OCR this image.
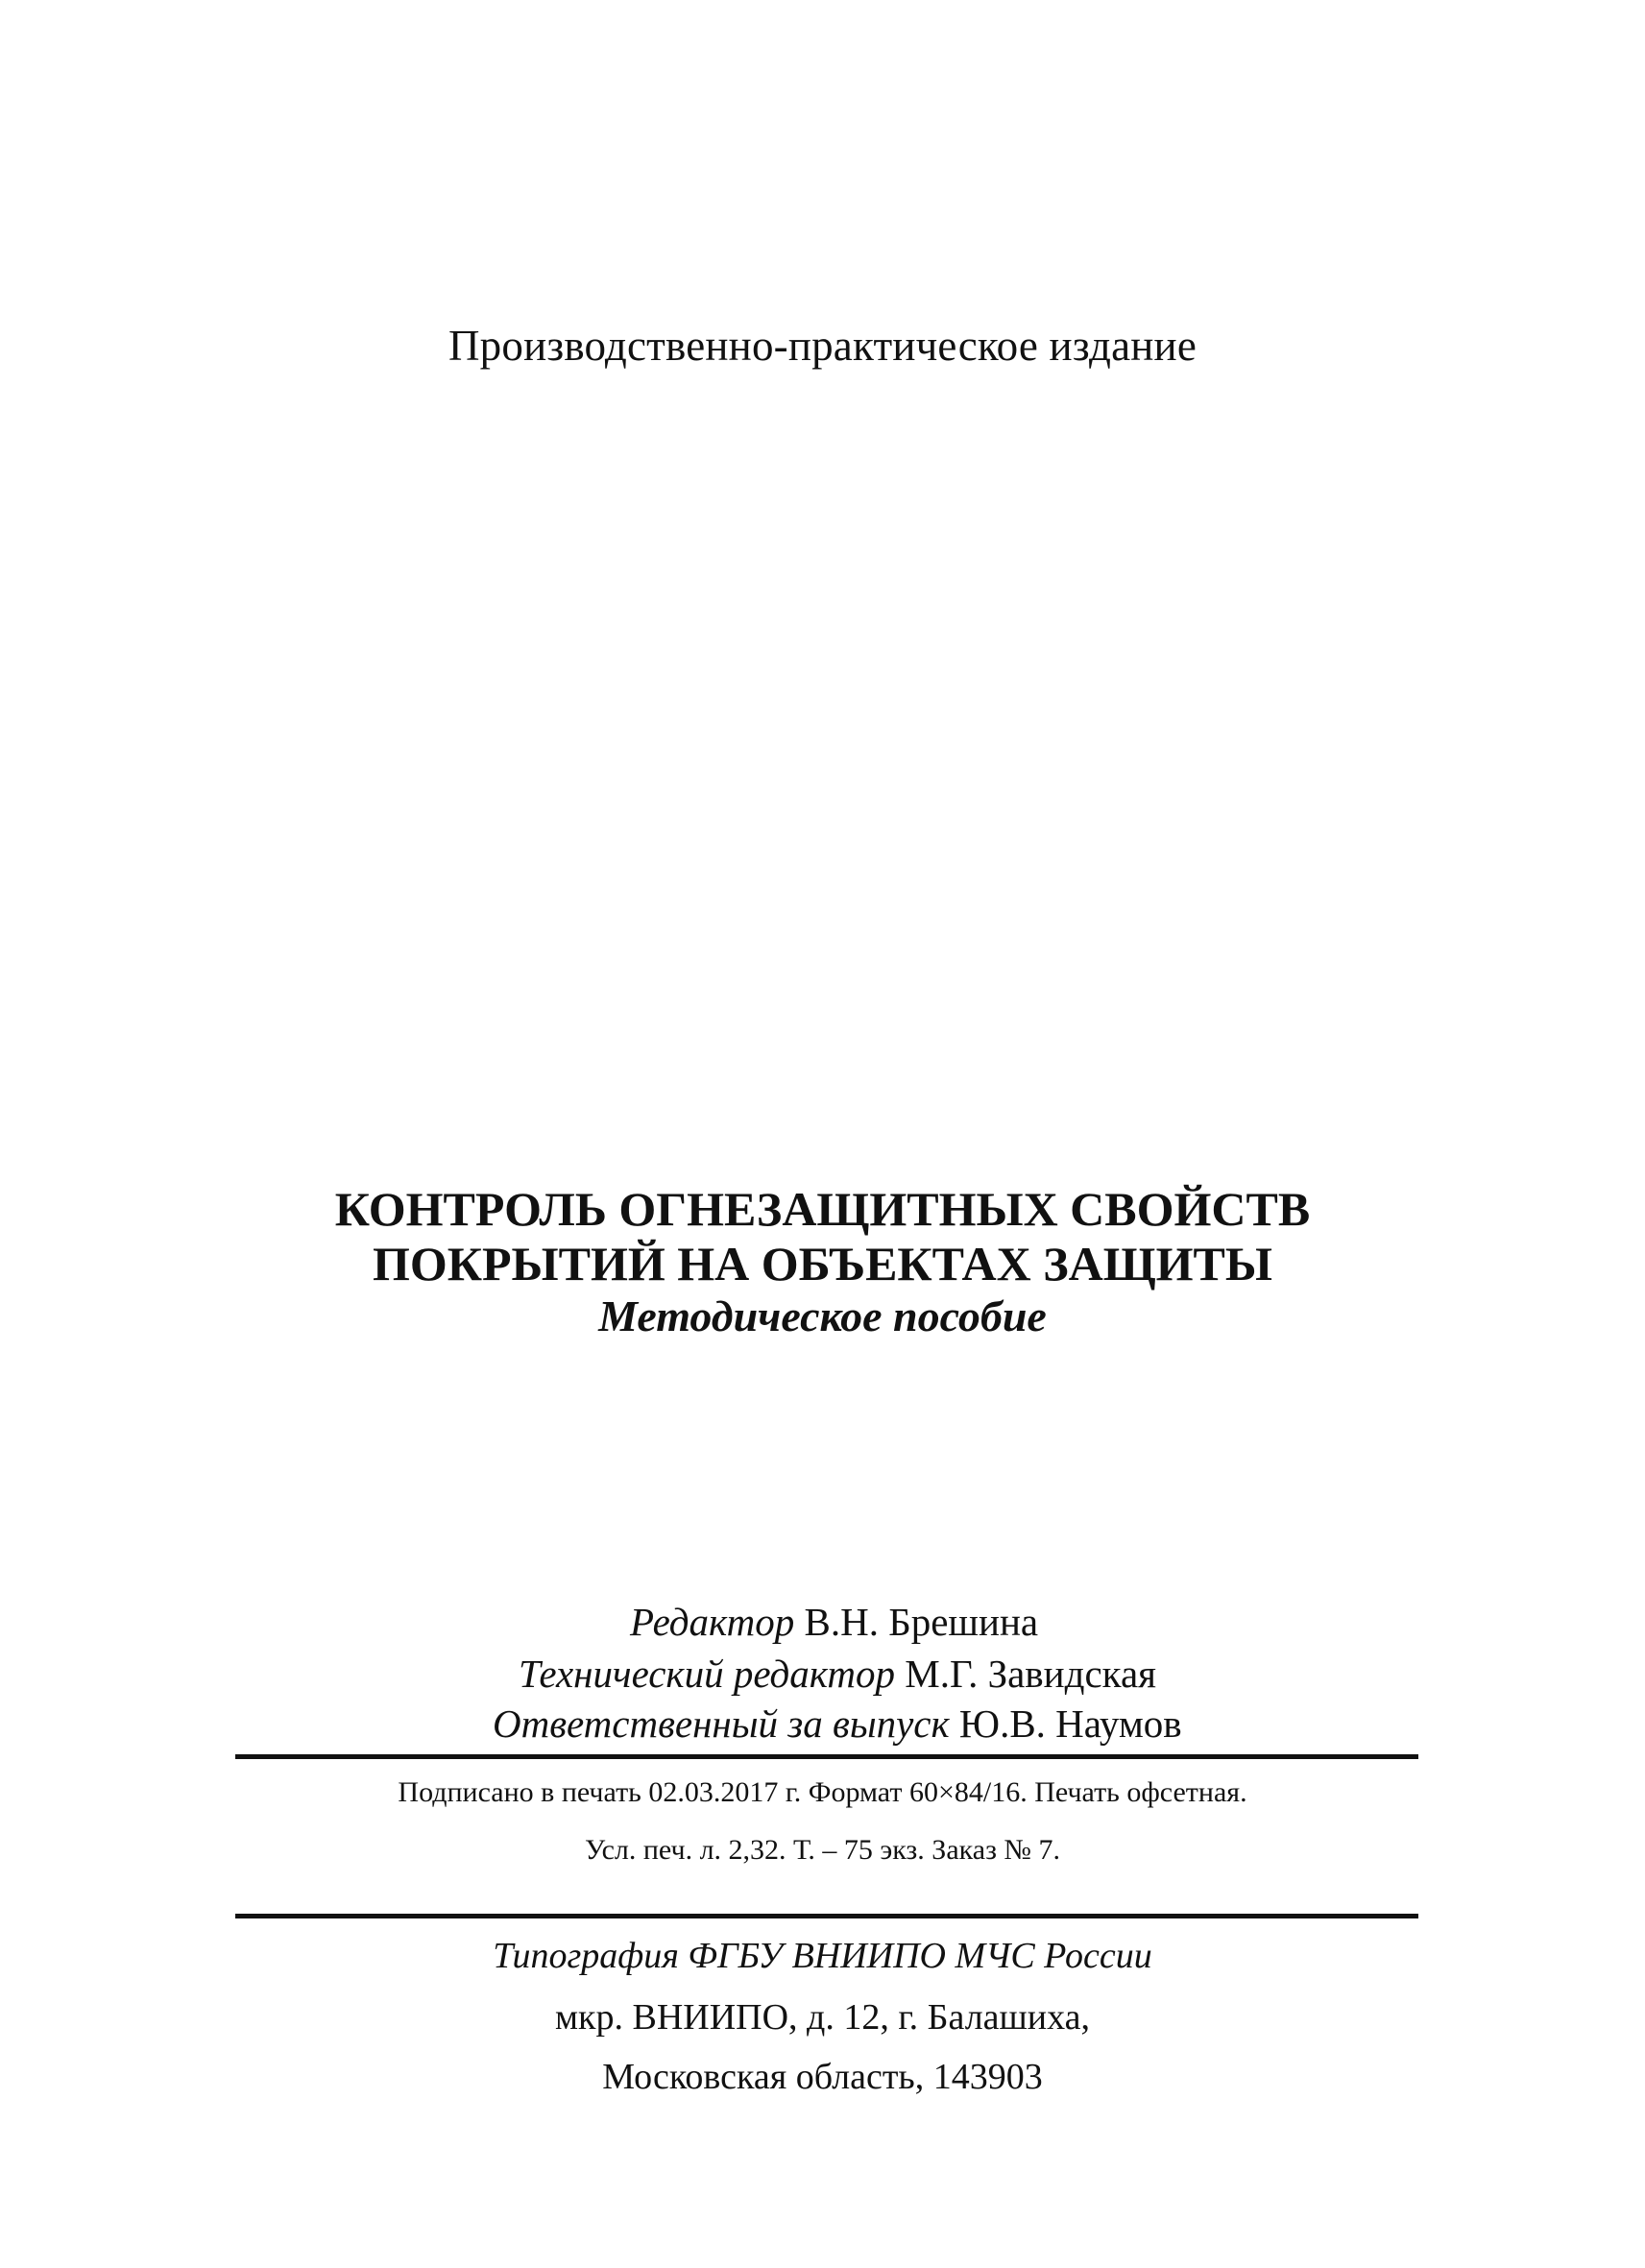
Производственно-практическое издание
КОНТРОЛЬ ОГНЕЗАЩИТНЫХ СВОЙСТВ
ПОКРЫТИЙ НА ОБЪЕКТАХ ЗАЩИТЫ
Методическое пособие
Редактор В.Н. Брешина
Технический редактор М.Г. Завидская
Ответственный за выпуск Ю.В. Наумов
Подписано в печать 02.03.2017 г. Формат 60×84/16. Печать офсетная.
Усл. печ. л. 2,32. Т. – 75 экз. Заказ № 7.
Типография ФГБУ ВНИИПО МЧС России
мкр. ВНИИПО, д. 12, г. Балашиха,
Московская область, 143903
